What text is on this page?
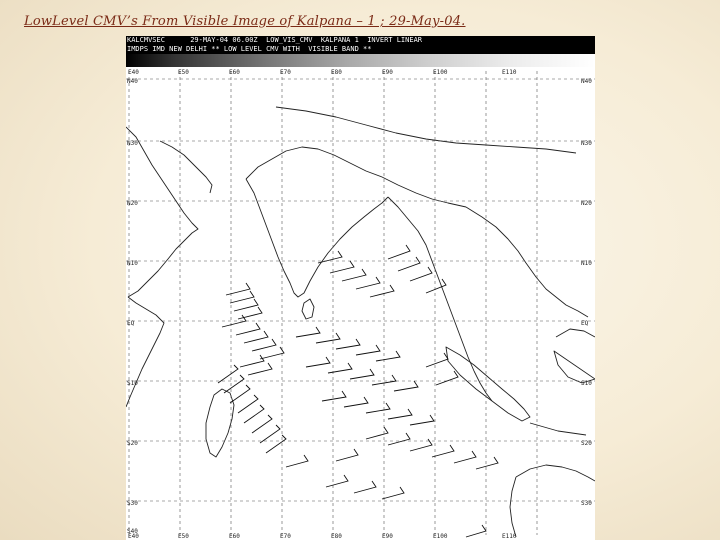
LowLevel CMV’s From Visible Image of Kalpana – 1 ; 29-May-04.
KALCMVSEC      29-MAY-04 06.00Z  LOW_VIS_CMV  KALPANA 1  INVERT LINEAR
IMDPS IMD NEW DELHI ** LOW LEVEL CMV WITH  VISIBLE BAND **
E40	E50	E60	E70	E80	E90	E100	E110
N40
N30
N20
N10
EQ
S10
S20
S30
S40
N40
N30
N20
N10
EQ
S10
S20
S30
E40	E50	E60	E70	E80	E90	E100	E110
